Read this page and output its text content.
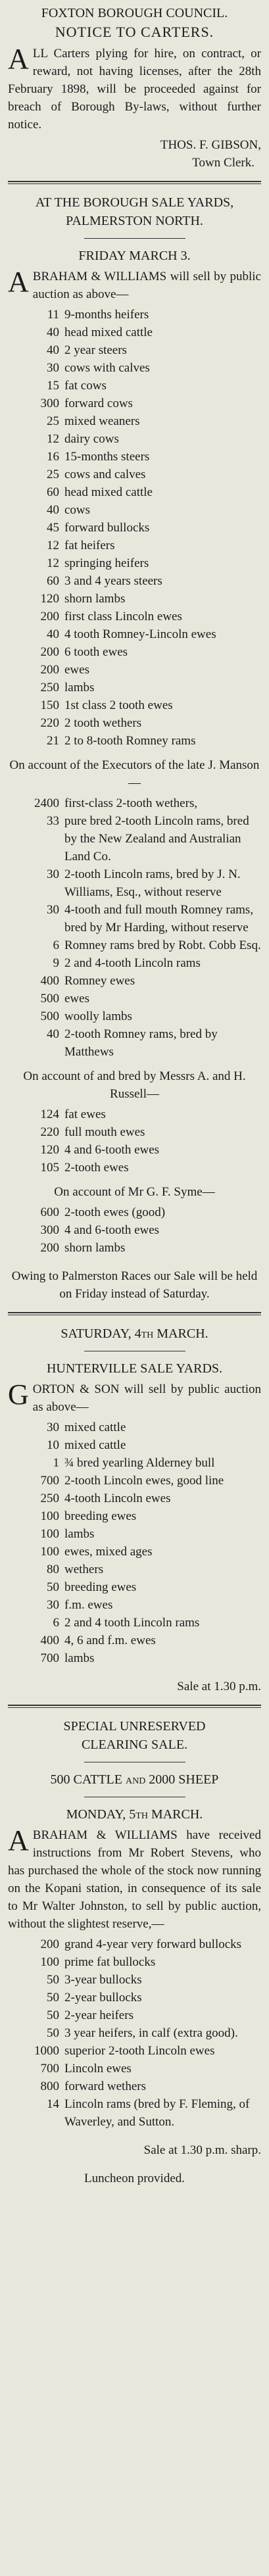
FOXTON BOROUGH COUNCIL.
NOTICE TO CARTERS.

ALL Carters plying for hire, on contract, or reward, not having licenses, after the 28th February 1898, will be proceeded against for breach of Borough By-laws, without further notice.

THOS. F. GIBSON,
Town Clerk.
AT THE BOROUGH SALE YARDS,
PALMERSTON NORTH.
FRIDAY MARCH 3.

ABRAHAM & WILLIAMS will sell by public auction as above—

11 9-months heifers
40 head mixed cattle
40 2 year steers
30 cows with calves
15 fat cows
300 forward cows
25 mixed weaners
12 dairy cows
16 15-months steers
25 cows and calves
60 head mixed cattle
40 cows
45 forward bullocks
12 fat heifers
12 springing heifers
60 3 and 4 years steers
120 shorn lambs
200 first class Lincoln ewes
40 4 tooth Romney-Lincoln ewes
200 6 tooth ewes
200 ewes
250 lambs
150 1st class 2 tooth ewes
220 2 tooth wethers
21 2 to 8-tooth Romney rams
On account of the Executors of the late J. Manson—
2400 first-class 2-tooth wethers,
33 pure bred 2-tooth Lincoln rams, bred by the New Zealand and Australian Land Co.
30 2-tooth Lincoln rams, bred by J. N. Williams, Esq., without reserve
30 4-tooth and full mouth Romney rams, bred by Mr Harding, without reserve
6 Romney rams bred by Robt. Cobb Esq.
9 2 and 4-tooth Lincoln rams
400 Romney ewes
500 ewes
500 woolly lambs
40 2-tooth Romney rams, bred by Matthews
On account of and bred by Messrs A. and H. Russell—
124 fat ewes
220 full mouth ewes
120 4 and 6-tooth ewes
105 2-tooth ewes
On account of Mr G. F. Syme—
600 2-tooth ewes (good)
300 4 and 6-tooth ewes
200 shorn lambs
Owing to Palmerston Races our Sale will be held on Friday instead of Saturday.
SATURDAY, 4th MARCH.
HUNTERVILLE SALE YARDS.

GORTON & SON will sell by public auction as above—

30 mixed cattle
10 mixed cattle
1 ¾ bred yearling Alderney bull
700 2-tooth Lincoln ewes, good line
250 4-tooth Lincoln ewes
100 breeding ewes
100 lambs
100 ewes, mixed ages
80 wethers
50 breeding ewes
30 f.m. ewes
6 2 and 4 tooth Lincoln rams
400 4, 6 and f.m. ewes
700 lambs
Sale at 1.30 p.m.
SPECIAL UNRESERVED
CLEARING SALE.
500 CATTLE and 2000 SHEEP
MONDAY, 5th MARCH.

ABRAHAM & WILLIAMS have received instructions from Mr Robert Stevens, who has purchased the whole of the stock now running on the Kopani station, in consequence of its sale to Mr Walter Johnston, to sell by public auction, without the slightest reserve,—

200 grand 4-year very forward bullocks
100 prime fat bullocks
50 3-year bullocks
50 2-year bullocks
50 2-year heifers
50 3 year heifers, in calf (extra good).
1000 superior 2-tooth Lincoln ewes
700 Lincoln ewes
800 forward wethers
14 Lincoln rams (bred by F. Fleming, of Waverley, and Sutton.
Sale at 1.30 p.m. sharp.
Luncheon provided.
